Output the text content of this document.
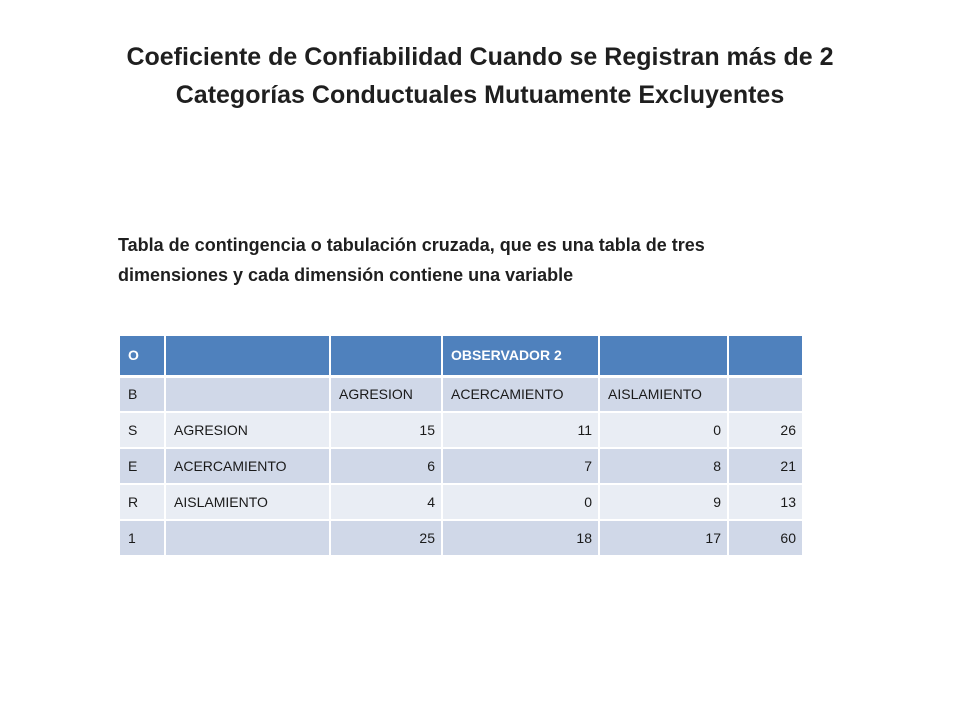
Coeficiente de Confiabilidad Cuando se Registran más de 2
Categorías Conductuales Mutuamente Excluyentes
Tabla de contingencia o tabulación cruzada, que es una tabla de tres
dimensiones y cada dimensión contiene una variable
O			OBSERVADOR 2		
B		AGRESION	ACERCAMIENTO	AISLAMIENTO	
S	AGRESION	15	11	0	26
E	ACERCAMIENTO	6	7	8	21
R	AISLAMIENTO	4	0	9	13
1		25	18	17	60
